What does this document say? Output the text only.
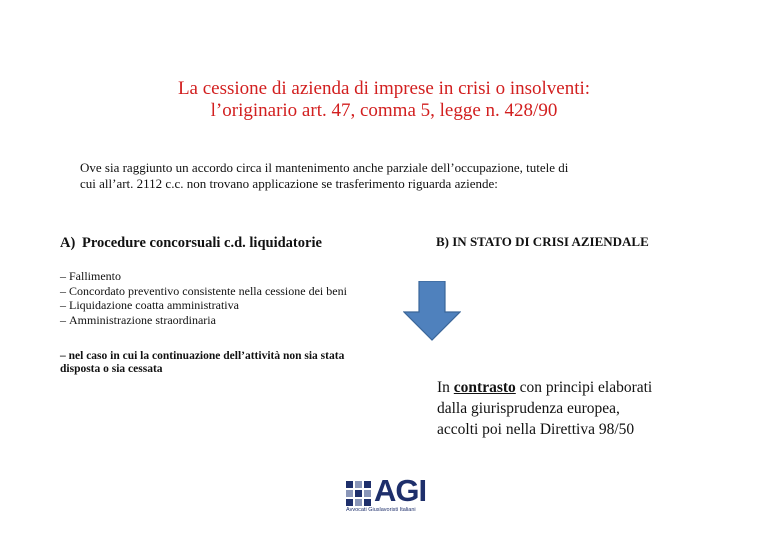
La cessione di azienda di imprese in crisi o insolventi:
l’originario art. 47, comma 5, legge n. 428/90
Ove sia raggiunto un accordo circa il mantenimento anche parziale dell’occupazione, tutele di
cui all’art. 2112 c.c. non trovano applicazione se trasferimento riguarda aziende:
A) Procedure concorsuali c.d. liquidatorie	B) IN STATO DI CRISI AZIENDALE
– Fallimento
– Concordato preventivo consistente nella cessione dei beni
– Liquidazione coatta amministrativa
– Amministrazione straordinaria
– nel caso in cui la continuazione dell’attività non sia stata
disposta o sia cessata
In contrasto con principi elaborati
dalla giurisprudenza europea,
accolti poi nella Direttiva 98/50
AGI
Avvocati Giuslavoristi Italiani
